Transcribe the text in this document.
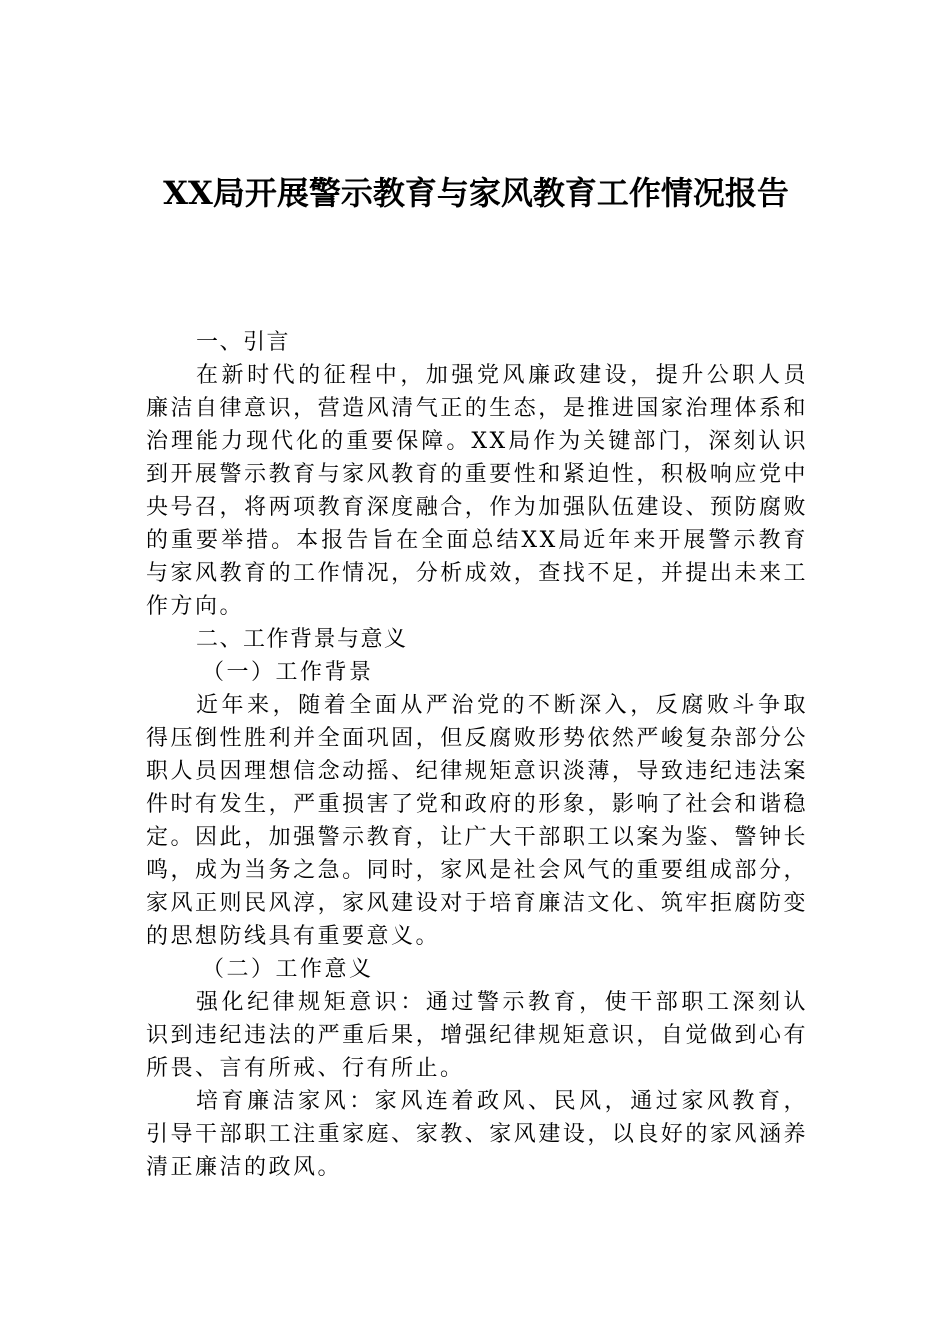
XX局开展警示教育与家风教育工作情况报告

一、引言

在新时代的征程中，加强党风廉政建设，提升公职人员廉洁自律意识，营造风清气正的生态，是推进国家治理体系和治理能力现代化的重要保障。XX局作为关键部门，深刻认识到开展警示教育与家风教育的重要性和紧迫性，积极响应党中央号召，将两项教育深度融合，作为加强队伍建设、预防腐败的重要举措。本报告旨在全面总结XX局近年来开展警示教育与家风教育的工作情况，分析成效，查找不足，并提出未来工作方向。

二、工作背景与意义

（一）工作背景

近年来，随着全面从严治党的不断深入，反腐败斗争取得压倒性胜利并全面巩固，但反腐败形势依然严峻复杂部分公职人员因理想信念动摇、纪律规矩意识淡薄，导致违纪违法案件时有发生，严重损害了党和政府的形象，影响了社会和谐稳定。因此，加强警示教育，让广大干部职工以案为鉴、警钟长鸣，成为当务之急。同时，家风是社会风气的重要组成部分，家风正则民风淳，家风建设对于培育廉洁文化、筑牢拒腐防变的思想防线具有重要意义。

（二）工作意义

强化纪律规矩意识：通过警示教育，使干部职工深刻认识到违纪违法的严重后果，增强纪律规矩意识，自觉做到心有所畏、言有所戒、行有所止。

培育廉洁家风：家风连着政风、民风，通过家风教育，引导干部职工注重家庭、家教、家风建设，以良好的家风涵养清正廉洁的政风。
